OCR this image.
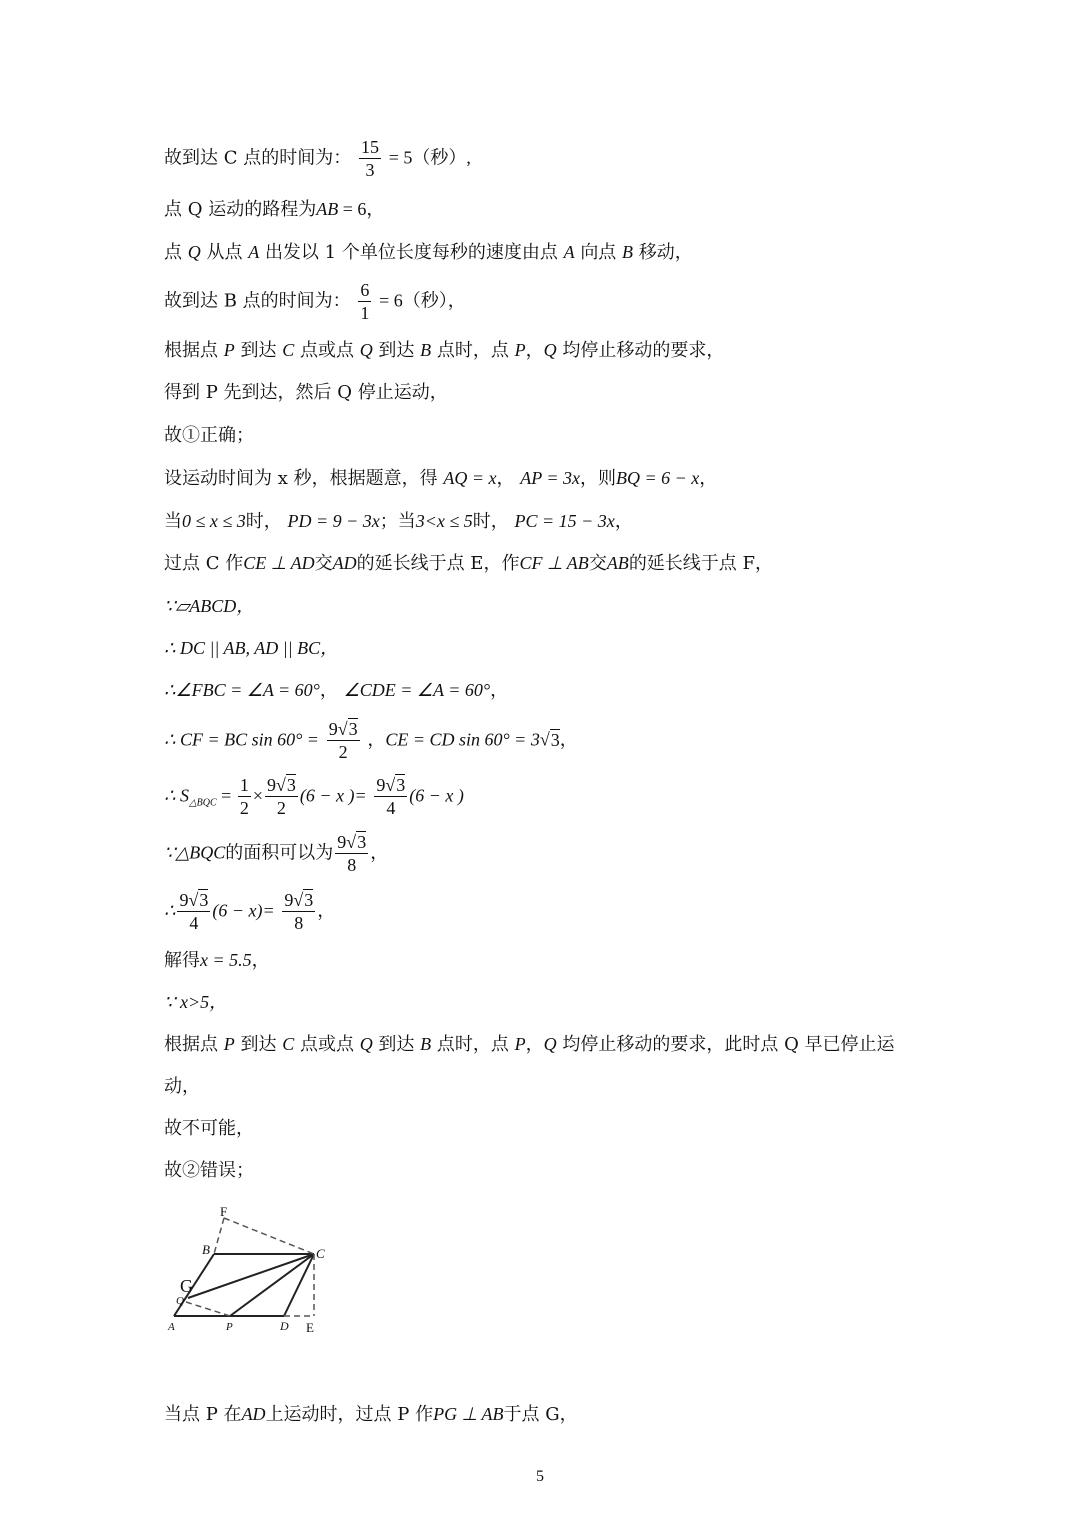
故到达 C 点的时间为： $\frac{15}{3} = 5$（秒）,
点 Q 运动的路程为AB = 6，
点 Q 从点 A 出发以 1 个单位长度每秒的速度由点 A 向点 B 移动，
故到达 B 点的时间为： $\frac{6}{1} = 6$（秒），
根据点 P 到达 C 点或点 Q 到达 B 点时，点 P，Q 均停止移动的要求，
得到 P 先到达，然后 Q 停止运动，
故①正确；
设运动时间为 x 秒，根据题意，得 AQ = x， AP = 3x，则BQ = 6 − x，
当0 ≤ x ≤ 3时， PD = 9 − 3x；当3<x ≤ 5时， PC = 15 − 3x，
过点 C 作CE ⊥ AD交AD的延长线于点 E，作CF ⊥ AB交AB的延长线于点 F，
∵▱ABCD，
∴ DC || AB, AD || BC，
∴∠FBC = ∠A = 60°， ∠CDE = ∠A = 60°，
∴ CF = BC $\sin 60^\circ = \frac{9√3}{2}$ ，CE = CD sin 60° = 3√3，
∴ $S_{\triangle BQC} = \frac{1}{2} \times \frac{9√3}{2} (6 - x$ )= $\frac{9√3}{4} (6 - x$ )
∵△BQC的面积可以为 $\frac{9√3}{8}$ ，
∴ $\frac{9√3}{4} (6 - x)= \frac{9√3}{8}$ ，
解得x = 5.5，
∵ x>5，
根据点 P 到达 C 点或点 Q 到达 B 点时，点 P，Q 均停止移动的要求，此时点 Q 早已停止运
动，
故不可能，
故②错误；
F
B	C
G
Q
A	P	D E
当点 P 在AD上运动时，过点 P 作PG ⊥ AB于点 G，
5
